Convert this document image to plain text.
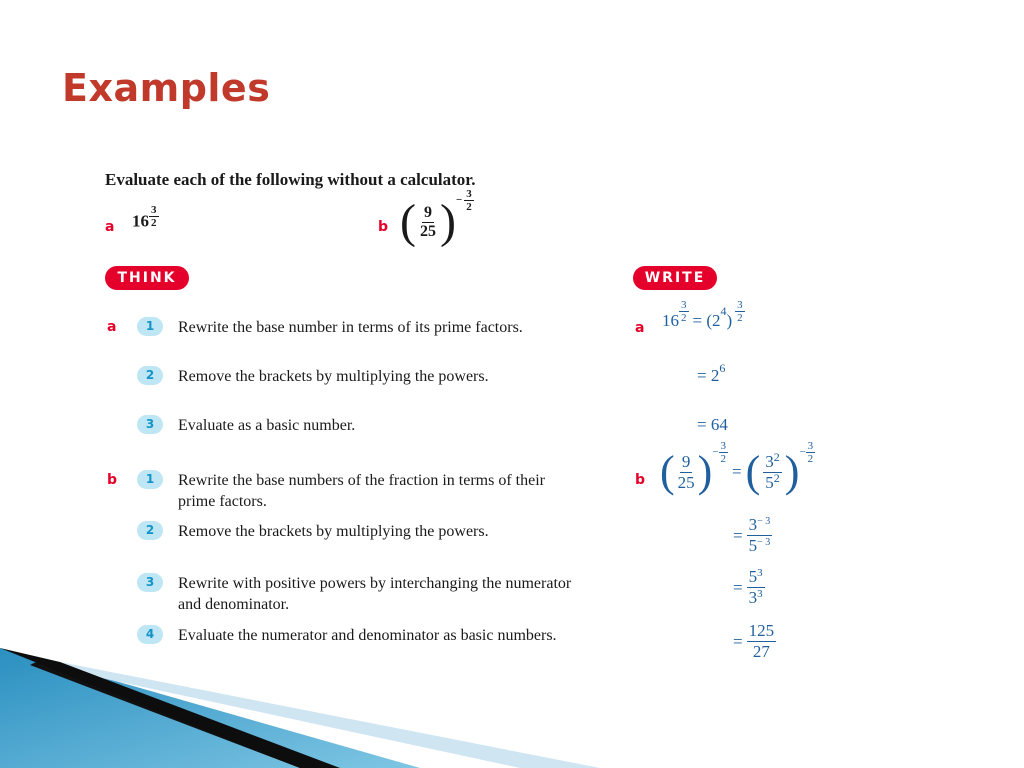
Examples
Evaluate each of the following without a calculator.
a $16 \frac{3}{2}$	b ( $\frac{9}{25}$ ) − $\frac{3}{2}$
THINK	WRITE
a	1	Rewrite the base number in terms of its prime factors.
2	Remove the brackets by multiplying the powers.
3	Evaluate as a basic number.
b	1	Rewrite the base numbers of the fraction in terms of their prime factors.
2	Remove the brackets by multiplying the powers.
3	Rewrite with positive powers by interchanging the numerator and denominator.
4	Evaluate the numerator and denominator as basic numbers.
a $16 \frac{3}{2} = (2$ 4 ) $\frac{3}{2}$
= $2^6$
= 64
b ( $\frac{9}{25}$ ) − $\frac{3}{2}$
= ( $\frac{3^2}{5^2}$ ) − $\frac{3}{2}$
= $\frac{3^{- 3}}{5^{- 3}}$
= $\frac{5^3}{3^3}$
= $\frac{125}{27}$
